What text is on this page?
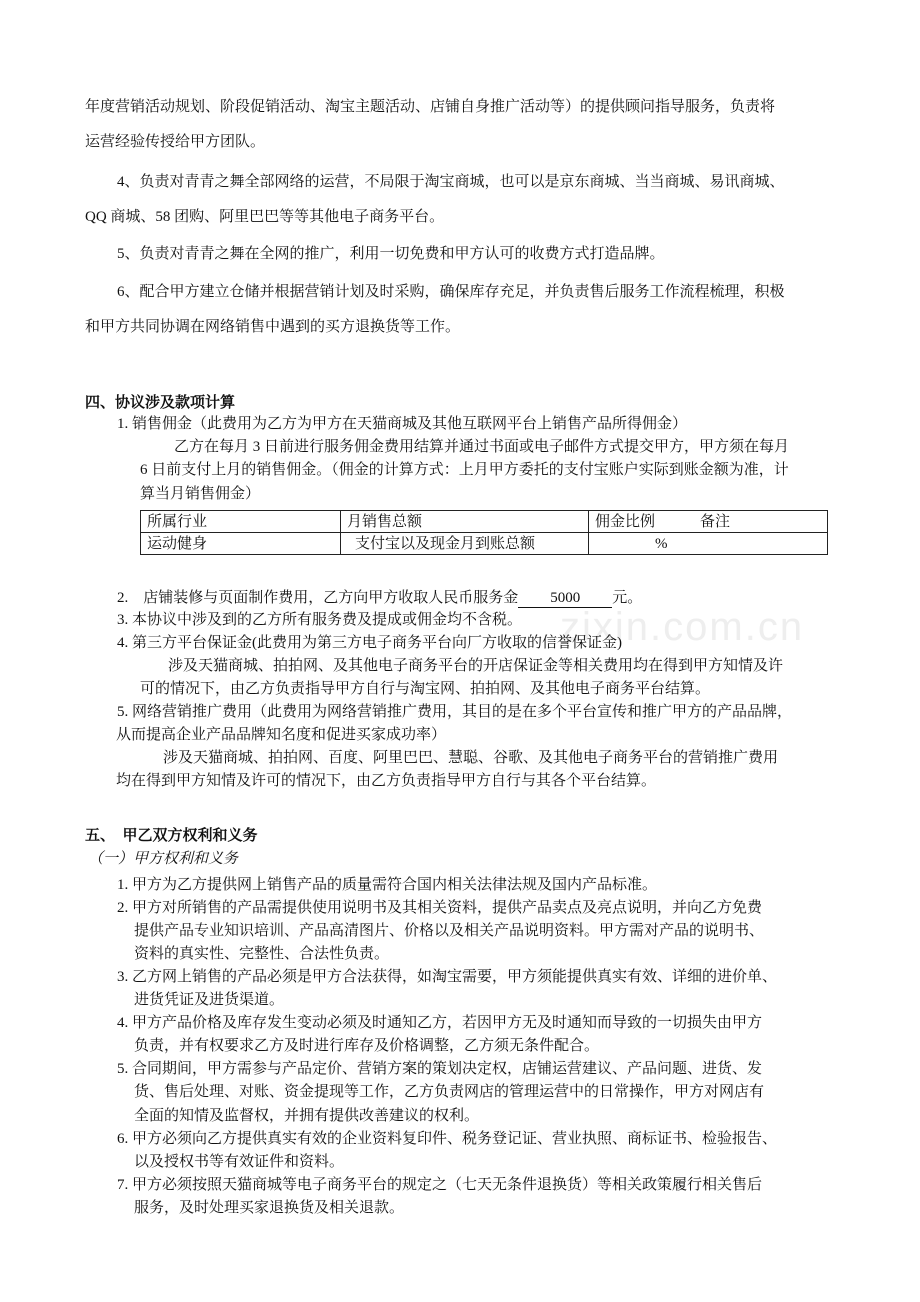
zixin.com.cn
年度营销活动规划、阶段促销活动、淘宝主题活动、店铺自身推广活动等）的提供顾问指导服务，负责将
运营经验传授给甲方团队。
4、负责对青青之舞全部网络的运营，不局限于淘宝商城，也可以是京东商城、当当商城、易讯商城、
QQ 商城、58 团购、阿里巴巴等等其他电子商务平台。
5、负责对青青之舞在全网的推广，利用一切免费和甲方认可的收费方式打造品牌。
6、配合甲方建立仓储并根据营销计划及时采购，确保库存充足，并负责售后服务工作流程梳理，积极
和甲方共同协调在网络销售中遇到的买方退换货等工作。
四、协议涉及款项计算
1. 销售佣金（此费用为乙方为甲方在天猫商城及其他互联网平台上销售产品所得佣金）
乙方在每月 3 日前进行服务佣金费用结算并通过书面或电子邮件方式提交甲方，甲方须在每月
6 日前支付上月的销售佣金。（佣金的计算方式：上月甲方委托的支付宝账户实际到账金额为准，计
算当月销售佣金）
所属行业	月销售总额	佣金比例　　　备注
运动健身	支付宝以及现金月到账总额	%
2.　店铺装修与页面制作费用，乙方向甲方收取人民币服务金 5000 元。
3. 本协议中涉及到的乙方所有服务费及提成或佣金均不含税。
4. 第三方平台保证金(此费用为第三方电子商务平台向厂方收取的信誉保证金)
涉及天猫商城、拍拍网、及其他电子商务平台的开店保证金等相关费用均在得到甲方知情及许
可的情况下，由乙方负责指导甲方自行与淘宝网、拍拍网、及其他电子商务平台结算。
5. 网络营销推广费用（此费用为网络营销推广费用，其目的是在多个平台宣传和推广甲方的产品品牌，
从而提高企业产品品牌知名度和促进买家成功率）
涉及天猫商城、拍拍网、百度、阿里巴巴、慧聪、谷歌、及其他电子商务平台的营销推广费用
均在得到甲方知情及许可的情况下，由乙方负责指导甲方自行与其各个平台结算。
五、　甲乙双方权利和义务
（一）甲方权利和义务
1. 甲方为乙方提供网上销售产品的质量需符合国内相关法律法规及国内产品标准。
2. 甲方对所销售的产品需提供使用说明书及其相关资料，提供产品卖点及亮点说明，并向乙方免费
提供产品专业知识培训、产品高清图片、价格以及相关产品说明资料。甲方需对产品的说明书、
资料的真实性、完整性、合法性负责。
3. 乙方网上销售的产品必须是甲方合法获得，如淘宝需要，甲方须能提供真实有效、详细的进价单、
进货凭证及进货渠道。
4. 甲方产品价格及库存发生变动必须及时通知乙方，若因甲方无及时通知而导致的一切损失由甲方
负责，并有权要求乙方及时进行库存及价格调整，乙方须无条件配合。
5. 合同期间，甲方需参与产品定价、营销方案的策划决定权，店铺运营建议、产品问题、进货、发
货、售后处理、对账、资金提现等工作，乙方负责网店的管理运营中的日常操作，甲方对网店有
全面的知情及监督权，并拥有提供改善建议的权利。
6. 甲方必须向乙方提供真实有效的企业资料复印件、税务登记证、营业执照、商标证书、检验报告、
以及授权书等有效证件和资料。
7. 甲方必须按照天猫商城等电子商务平台的规定之（七天无条件退换货）等相关政策履行相关售后
服务，及时处理买家退换货及相关退款。
